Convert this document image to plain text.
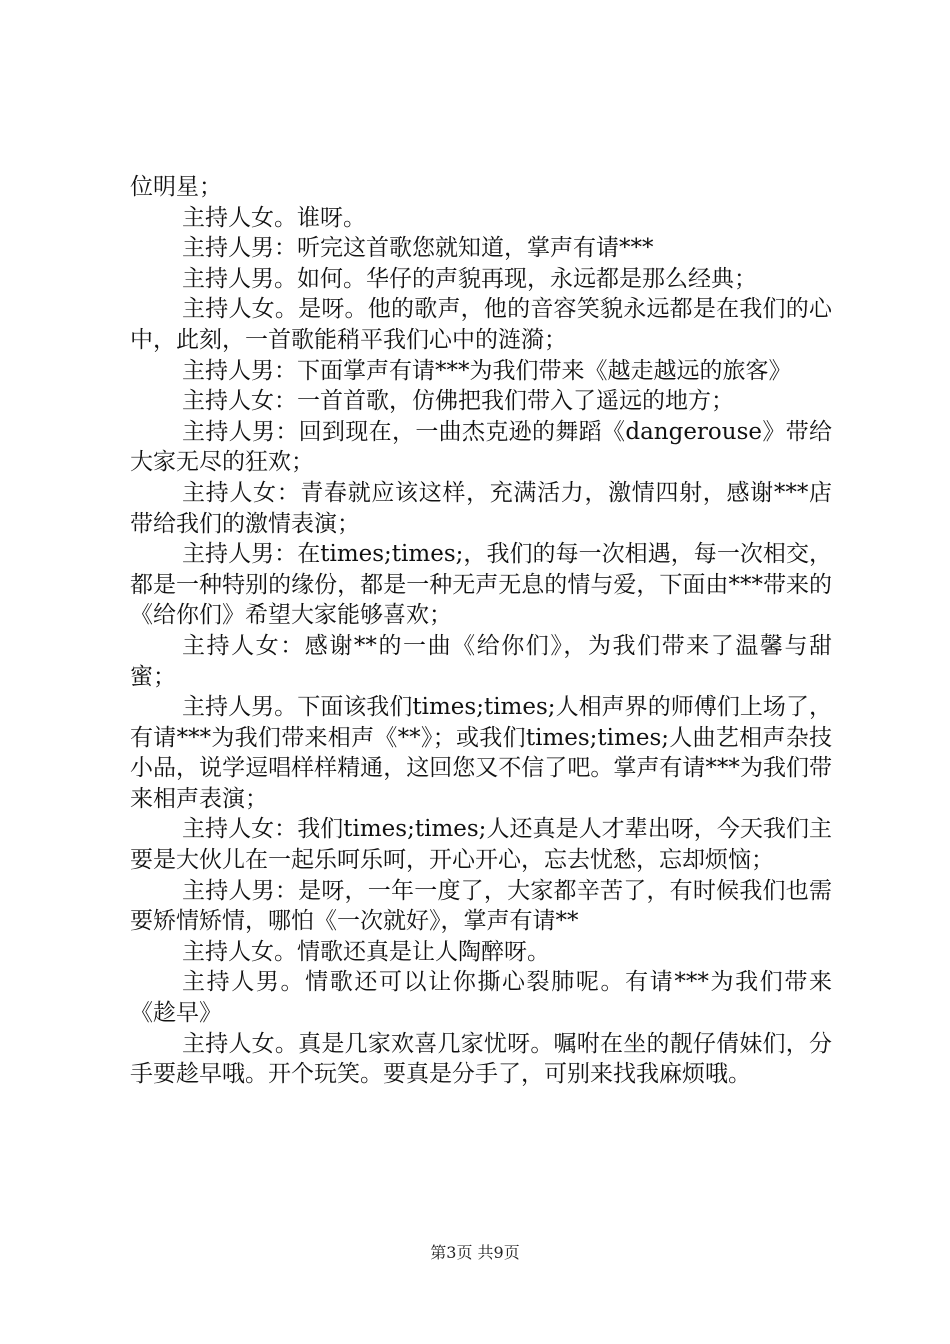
位明星；

主持人女。谁呀。

主持人男：听完这首歌您就知道，掌声有请***

主持人男。如何。华仔的声貌再现，永远都是那么经典；

主持人女。是呀。他的歌声，他的音容笑貌永远都是在我们的心中，此刻，一首歌能稍平我们心中的涟漪；

主持人男：下面掌声有请***为我们带来《越走越远的旅客》

主持人女：一首首歌，仿佛把我们带入了遥远的地方；

主持人男：回到现在，一曲杰克逊的舞蹈《dangerouse》带给大家无尽的狂欢；

主持人女：青春就应该这样，充满活力，激情四射，感谢***店带给我们的激情表演；

主持人男：在times;times;，我们的每一次相遇，每一次相交，都是一种特别的缘份，都是一种无声无息的情与爱，下面由***带来的《给你们》希望大家能够喜欢；

主持人女：感谢**的一曲《给你们》，为我们带来了温馨与甜蜜；

主持人男。下面该我们times;times;人相声界的师傅们上场了，有请***为我们带来相声《**》；或我们times;times;人曲艺相声杂技小品，说学逗唱样样精通，这回您又不信了吧。掌声有请***为我们带来相声表演；

主持人女：我们times;times;人还真是人才辈出呀，今天我们主要是大伙儿在一起乐呵乐呵，开心开心，忘去忧愁，忘却烦恼；

主持人男：是呀，一年一度了，大家都辛苦了，有时候我们也需要矫情矫情，哪怕《一次就好》，掌声有请**

主持人女。情歌还真是让人陶醉呀。

主持人男。情歌还可以让你撕心裂肺呢。有请***为我们带来《趁早》

主持人女。真是几家欢喜几家忧呀。嘱咐在坐的靓仔倩妹们，分手要趁早哦。开个玩笑。要真是分手了，可别来找我麻烦哦。

第3页 共9页
